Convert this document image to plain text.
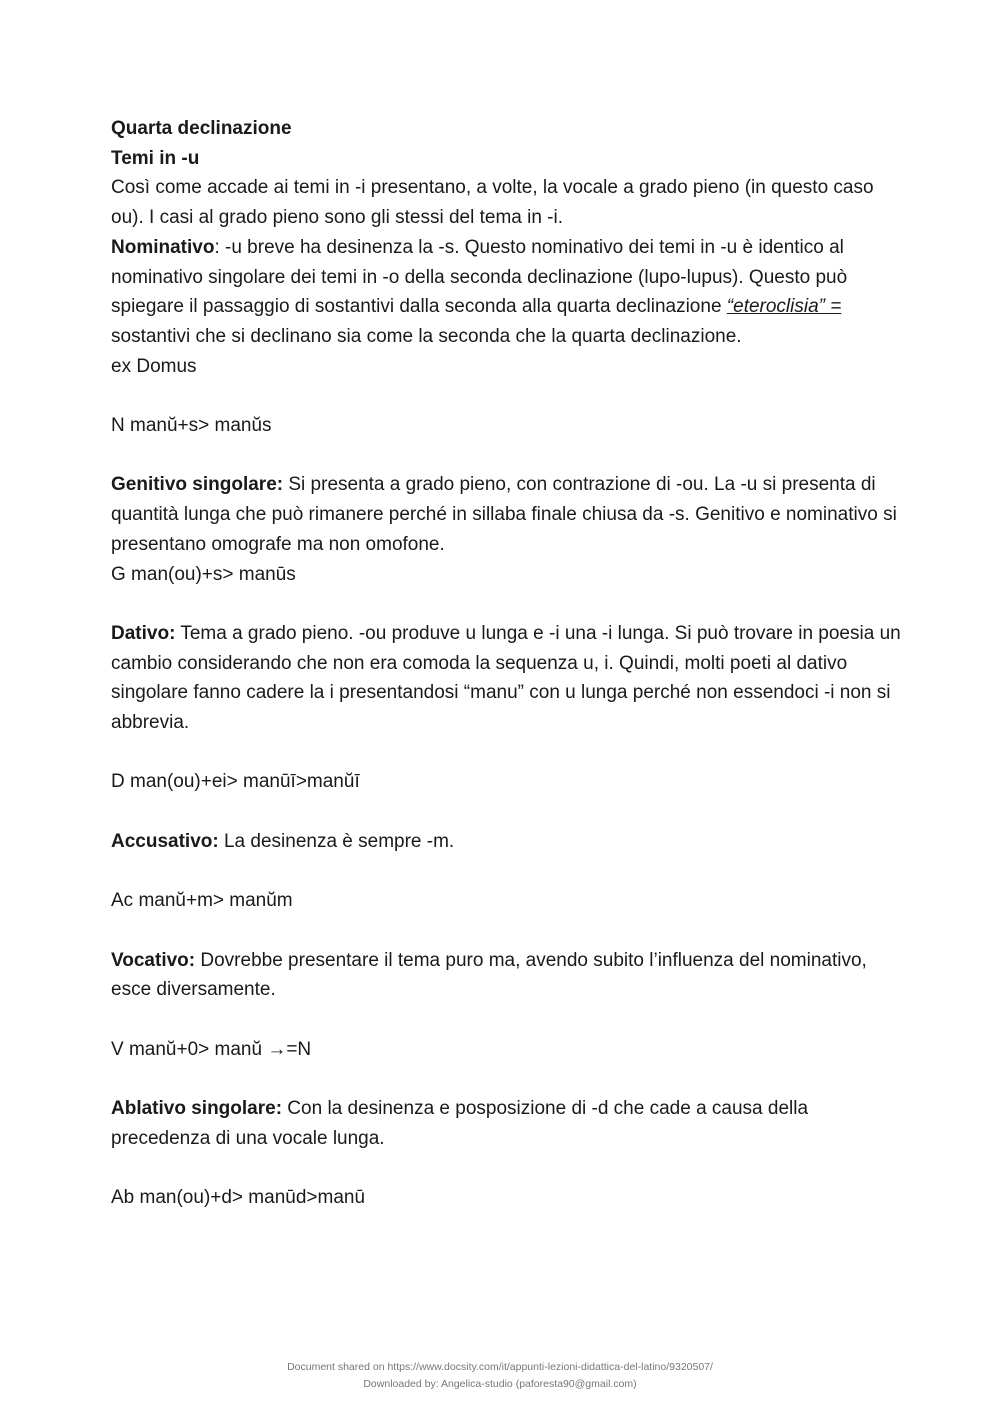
Quarta declinazione

Temi in -u

Così come accade ai temi in -i presentano, a volte, la vocale a grado pieno (in questo caso ou). I casi al grado pieno sono gli stessi del tema in -i.

Nominativo: -u breve ha desinenza la -s. Questo nominativo dei temi in -u è identico al nominativo singolare dei temi in -o della seconda declinazione (lupo-lupus). Questo può spiegare il passaggio di sostantivi dalla seconda alla quarta declinazione “eteroclisia” = sostantivi che si declinano sia come la seconda che la quarta declinazione.

ex Domus

N manŭ+s> manŭs

Genitivo singolare: Si presenta a grado pieno, con contrazione di -ou. La -u si presenta di quantità lunga che può rimanere perché in sillaba finale chiusa da -s. Genitivo e nominativo si presentano omografe ma non omofone.

G man(ou)+s> manūs

Dativo: Tema a grado pieno. -ou produve u lunga e -i una -i lunga. Si può trovare in poesia un cambio considerando che non era comoda la sequenza u, i. Quindi, molti poeti al dativo singolare fanno cadere la i presentandosi “manu” con u lunga perché non essendoci -i non si abbrevia.

D man(ou)+ei> manūī>manŭī

Accusativo: La desinenza è sempre -m.

Ac manŭ+m> manŭm

Vocativo: Dovrebbe presentare il tema puro ma, avendo subito l’influenza del nominativo, esce diversamente.

V manŭ+0> manŭ →=N

Ablativo singolare: Con la desinenza e posposizione di -d che cade a causa della precedenza di una vocale lunga.

Ab man(ou)+d> manūd>manū

Document shared on https://www.docsity.com/it/appunti-lezioni-didattica-del-latino/9320507/
Downloaded by: Angelica-studio (paforesta90@gmail.com)
